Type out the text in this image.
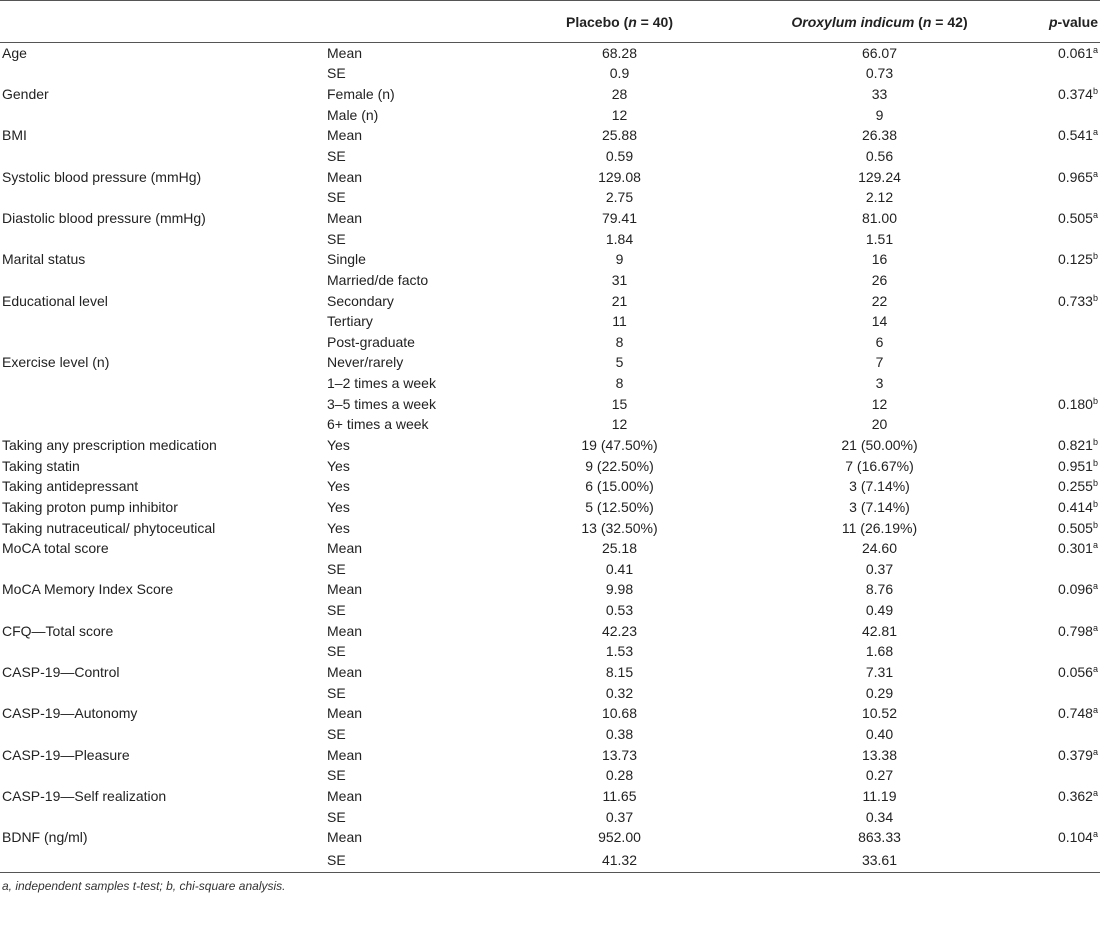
		Placebo (n = 40)	Oroxylum indicum (n = 42)	p-value
Age	Mean	68.28	66.07	0.061$^a$
	SE	0.9	0.73	
Gender	Female (n)	28	33	0.374$^b$
	Male (n)	12	9	
BMI	Mean	25.88	26.38	0.541$^a$
	SE	0.59	0.56	
Systolic blood pressure (mmHg)	Mean	129.08	129.24	0.965$^a$
	SE	2.75	2.12	
Diastolic blood pressure (mmHg)	Mean	79.41	81.00	0.505$^a$
	SE	1.84	1.51	
Marital status	Single	9	16	0.125$^b$
	Married/de facto	31	26	
Educational level	Secondary	21	22	0.733$^b$
	Tertiary	11	14	
	Post-graduate	8	6	
Exercise level (n)	Never/rarely	5	7	
	1–2 times a week	8	3	
	3–5 times a week	15	12	0.180$^b$
	6+ times a week	12	20	
Taking any prescription medication	Yes	19 (47.50%)	21 (50.00%)	0.821$^b$
Taking statin	Yes	9 (22.50%)	7 (16.67%)	0.951$^b$
Taking antidepressant	Yes	6 (15.00%)	3 (7.14%)	0.255$^b$
Taking proton pump inhibitor	Yes	5 (12.50%)	3 (7.14%)	0.414$^b$
Taking nutraceutical/ phytoceutical	Yes	13 (32.50%)	11 (26.19%)	0.505$^b$
MoCA total score	Mean	25.18	24.60	0.301$^a$
	SE	0.41	0.37	
MoCA Memory Index Score	Mean	9.98	8.76	0.096$^a$
	SE	0.53	0.49	
CFQ—Total score	Mean	42.23	42.81	0.798$^a$
	SE	1.53	1.68	
CASP-19—Control	Mean	8.15	7.31	0.056$^a$
	SE	0.32	0.29	
CASP-19—Autonomy	Mean	10.68	10.52	0.748$^a$
	SE	0.38	0.40	
CASP-19—Pleasure	Mean	13.73	13.38	0.379$^a$
	SE	0.28	0.27	
CASP-19—Self realization	Mean	11.65	11.19	0.362$^a$
	SE	0.37	0.34	
BDNF (ng/ml)	Mean	952.00	863.33	0.104$^a$
	SE	41.32	33.61	
a, independent samples t-test; b, chi-square analysis.
